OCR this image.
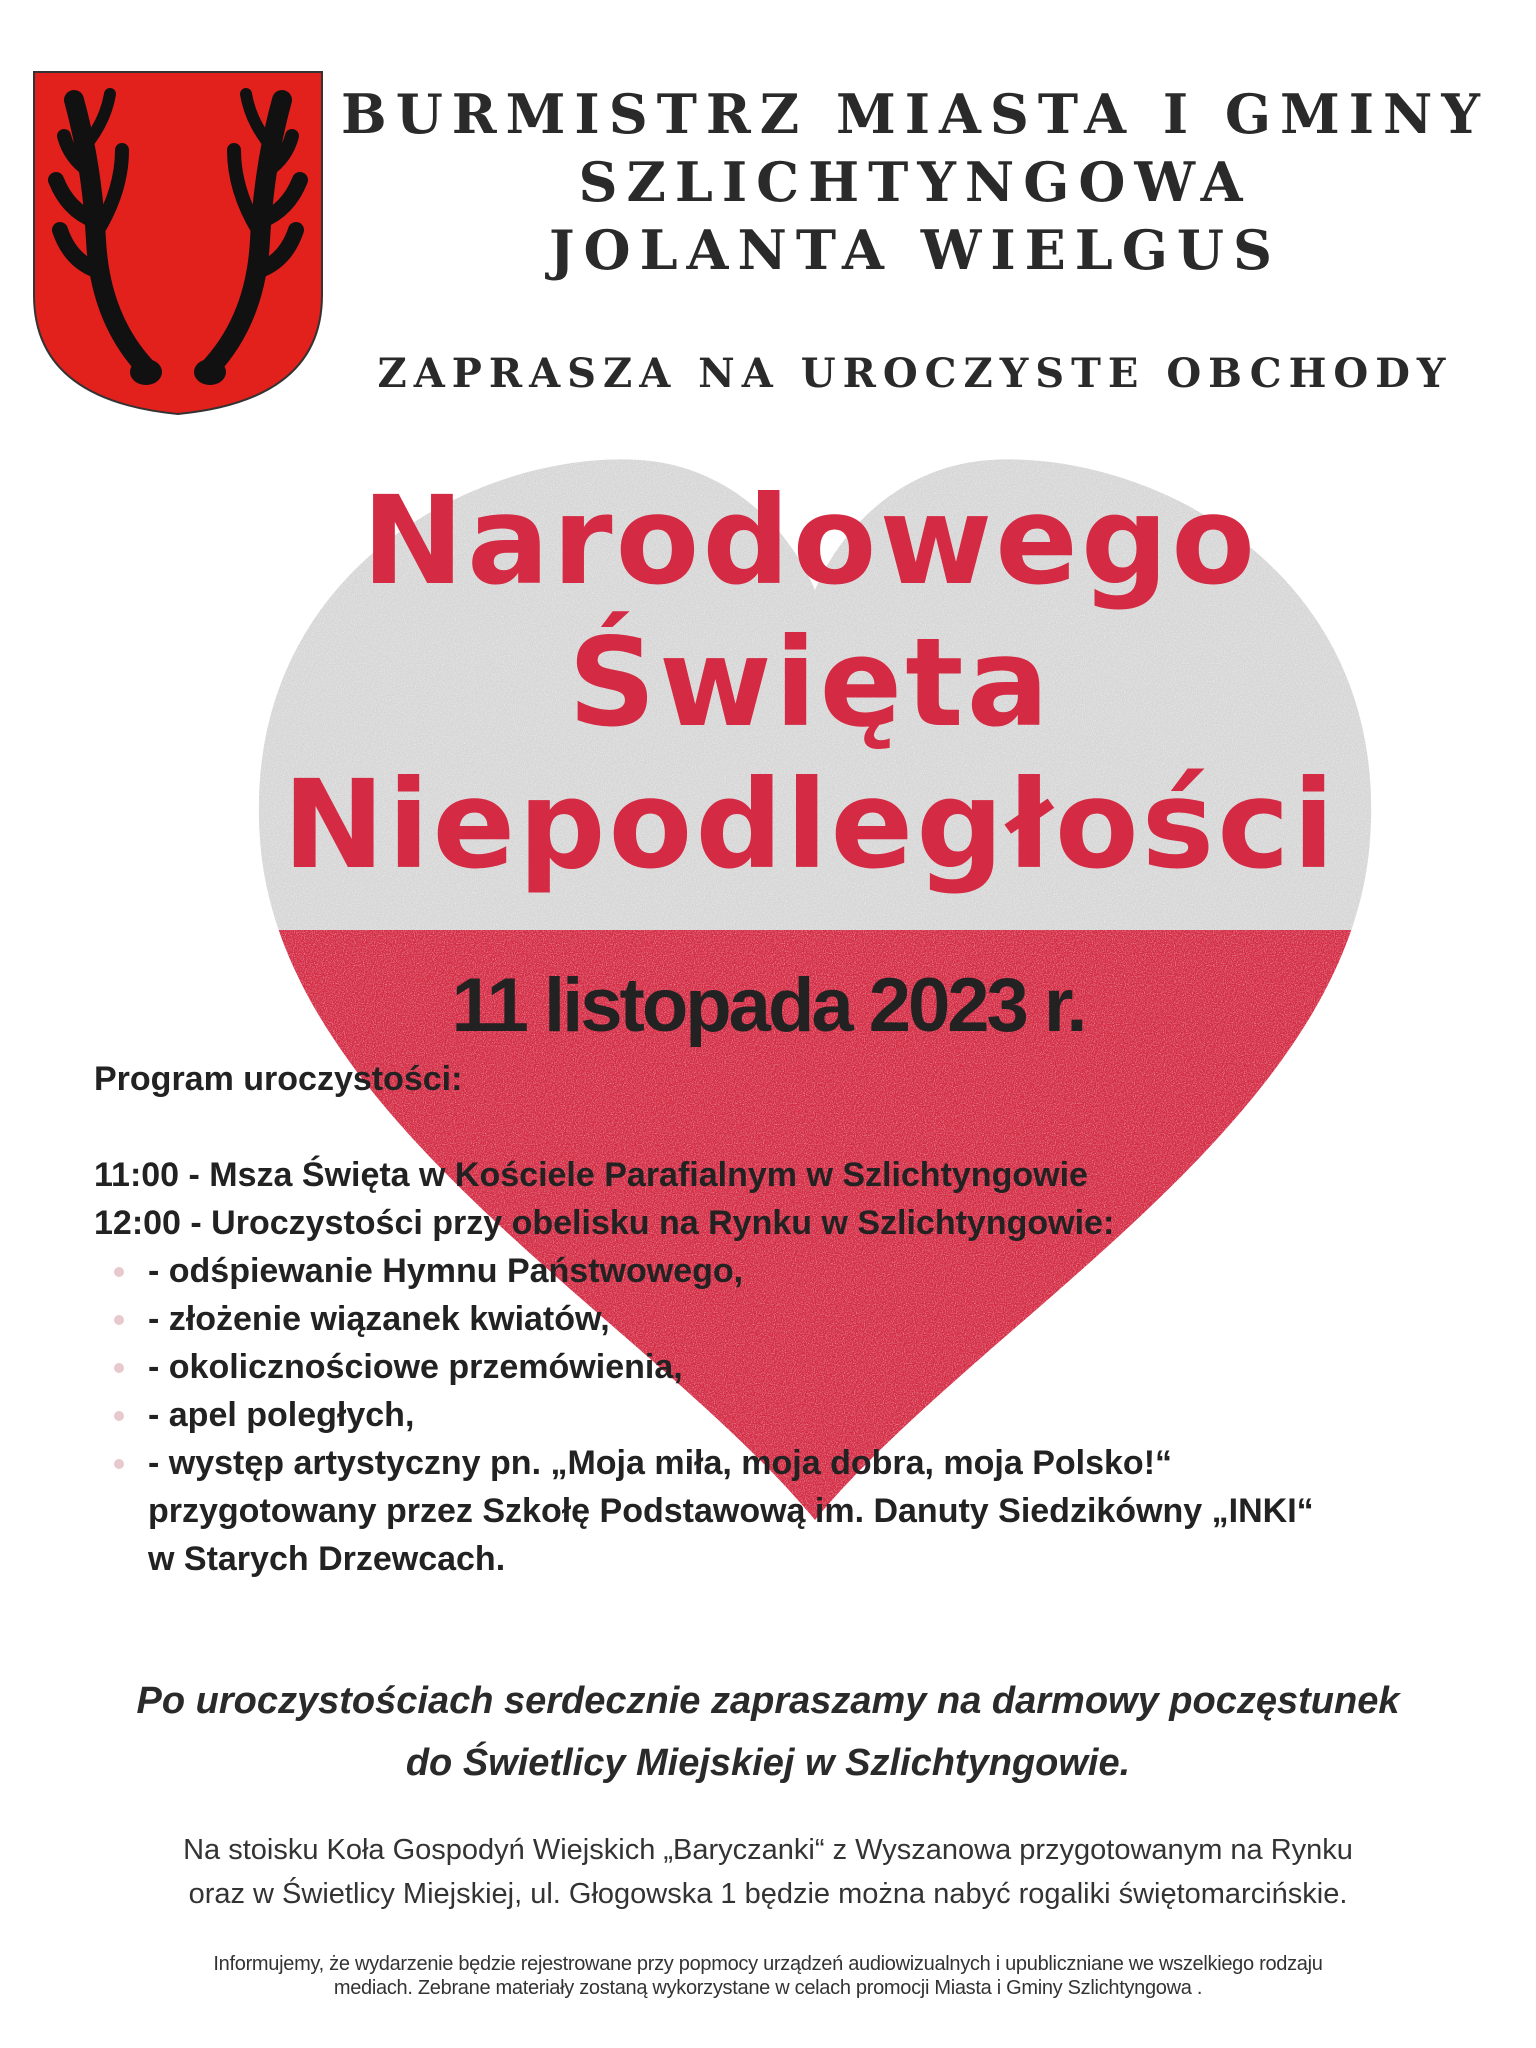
BURMISTRZ MIASTA I GMINY
SZLICHTYNGOWA
JOLANTA WIELGUS
ZAPRASZA NA UROCZYSTE OBCHODY
Narodowego
Święta
Niepodległości
11 listopada 2023 r.
Program uroczystości:
11:00 - Msza Święta w Kościele Parafialnym w Szlichtyngowie
12:00 - Uroczystości przy obelisku na Rynku w Szlichtyngowie:
- odśpiewanie Hymnu Państwowego,
- złożenie wiązanek kwiatów,
- okolicznościowe przemówienia,
- apel poległych,
- występ artystyczny pn. „Moja miła, moja dobra, moja Polsko!“
przygotowany przez Szkołę Podstawową im. Danuty Siedzikówny „INKI“
w Starych Drzewcach.
Po uroczystościach serdecznie zapraszamy na darmowy poczęstunek
do Świetlicy Miejskiej w Szlichtyngowie.
Na stoisku Koła Gospodyń Wiejskich „Baryczanki“ z Wyszanowa przygotowanym na Rynku
oraz w Świetlicy Miejskiej, ul. Głogowska 1 będzie można nabyć rogaliki świętomarcińskie.
Informujemy, że wydarzenie będzie rejestrowane przy popmocy urządzeń audiowizualnych i upubliczniane we wszelkiego rodzaju
mediach. Zebrane materiały zostaną wykorzystane w celach promocji Miasta i Gminy Szlichtyngowa .
